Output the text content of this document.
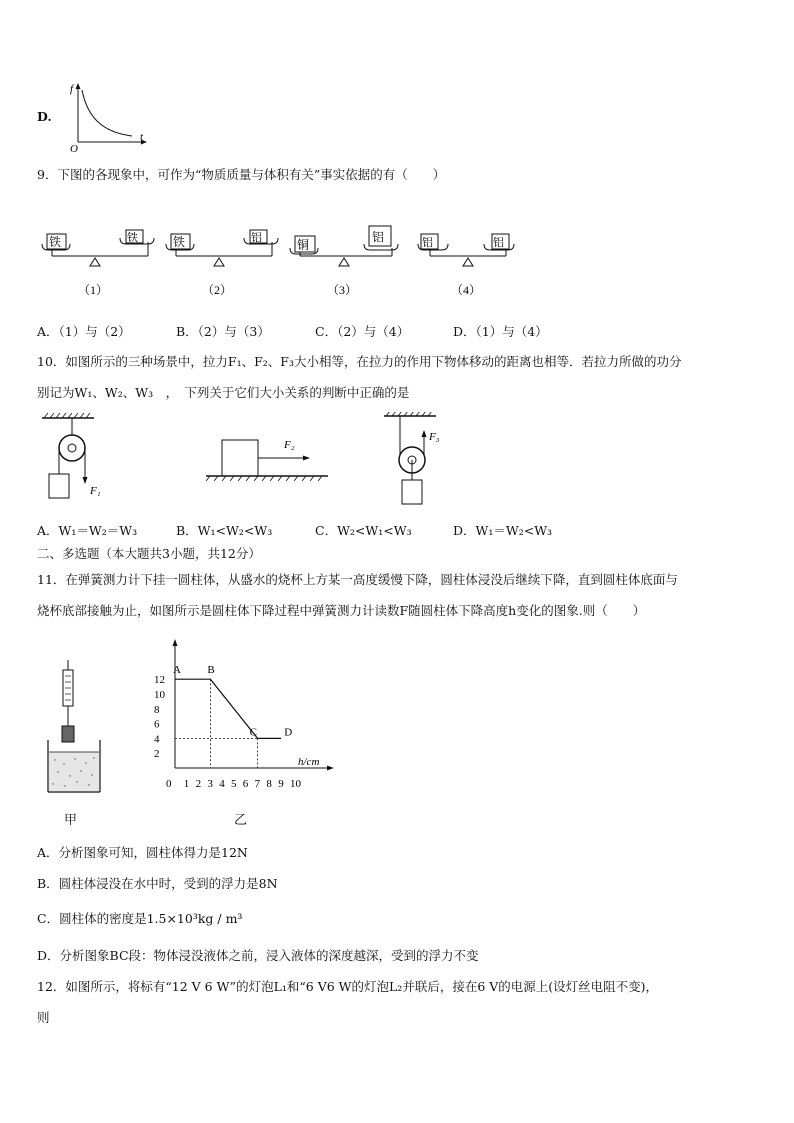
D.
f
t
O
9．下图的各现象中，可作为“物质质量与体积有关”事实依据的有（　　）
铁	铁
（1）
铁	铝
（2）
铜
铝
（3）
铝	铝
（4）
A．（1）与（2）	B．（2）与（3）	C．（2）与（4）	D．（1）与（4）
10．如图所示的三种场景中，拉力F₁、F₂、F₃大小相等，在拉力的作用下物体移动的距离也相等．若拉力所做的功分
别记为W₁、W₂、W₃　，　下列关于它们大小关系的判断中正确的是
F₁
F₂
F₃
A．W₁＝W₂＝W₃	B．W₁<W₂<W₃	C．W₂<W₁<W₃	D．W₁＝W₂<W₃
二、多选题（本大题共3小题，共12分）
11．在弹簧测力计下挂一圆柱体，从盛水的烧杯上方某一高度缓慢下降，圆柱体浸没后继续下降，直到圆柱体底面与
烧杯底部接触为止，如图所示是圆柱体下降过程中弹簧测力计读数F随圆柱体下降高度h变化的图象.则（　　）
甲
h/cm
2
4
6
8
10
12
0 1 2 3 4 5 6 7 8 9 10
A B
C D
乙
A．分析图象可知，圆柱体得力是12N
B．圆柱体浸没在水中时，受到的浮力是8N
C．圆柱体的密度是1.5×10³kg / m³
D．分析图象BC段：物体浸没液体之前，浸入液体的深度越深，受到的浮力不变
12．如图所示，将标有“12 V 6 W”的灯泡L₁和“6 V6 W的灯泡L₂并联后，接在6 V的电源上(设灯丝电阻不变)，
则
